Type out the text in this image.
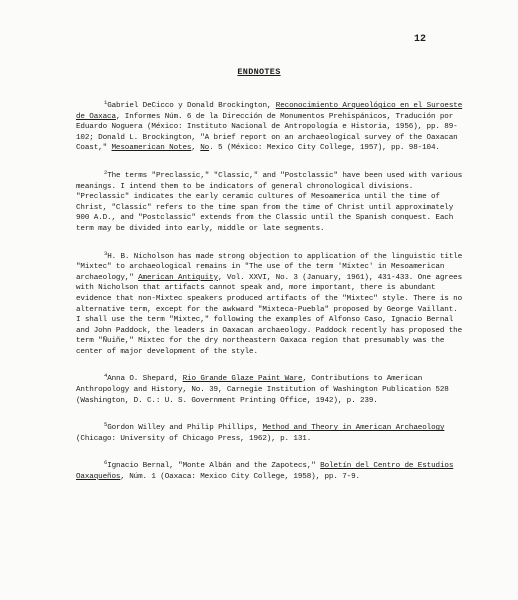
12
ENDNOTES

$^1$Gabriel DeCicco y Donald Brockington, Reconocimiento Arqueológico en el Suroeste de Oaxaca, Informes Núm. 6 de la Dirección de Monumentos Prehispánicos, Tradución por Eduardo Noguera (México: Instituto Nacional de Antropología e Historia, 1956), pp. 89-102; Donald L. Brockington, "A brief report on an archaeological survey of the Oaxacan Coast," Mesoamerican Notes, No. 5 (México: Mexico City College, 1957), pp. 98-104.

$^2$The terms "Preclassic," "Classic," and "Postclassic" have been used with various meanings. I intend them to be indicators of general chronological divisions. "Preclassic" indicates the early ceramic cultures of Mesoamerica until the time of Christ, "Classic" refers to the time span from the time of Christ until approximately 900 A.D., and "Postclassic" extends from the Classic until the Spanish conquest. Each term may be divided into early, middle or late segments.

$^3$H. B. Nicholson has made strong objection to application of the linguistic title "Mixtec" to archaeological remains in "The use of the term 'Mixtec' in Mesoamerican archaeology," American Antiquity, Vol. XXVI, No. 3 (January, 1961), 431-433. One agrees with Nicholson that artifacts cannot speak and, more important, there is abundant evidence that non-Mixtec speakers produced artifacts of the "Mixtec" style. There is no alternative term, except for the awkward "Mixteca-Puebla" proposed by George Vaillant. I shall use the term "Mixtec," following the examples of Alfonso Caso, Ignacio Bernal and John Paddock, the leaders in Oaxacan archaeology. Paddock recently has proposed the term "Ñuiñe," Mixtec for the dry northeastern Oaxaca region that presumably was the center of major development of the style.

$^4$Anna O. Shepard, Rio Grande Glaze Paint Ware, Contributions to American Anthropology and History, No. 39, Carnegie Institution of Washington Publication 528 (Washington, D. C.: U. S. Government Printing Office, 1942), p. 239.

$^5$Gordon Willey and Philip Phillips, Method and Theory in American Archaeology (Chicago: University of Chicago Press, 1962), p. 131.

$^6$Ignacio Bernal, "Monte Albán and the Zapotecs," Boletín del Centro de Estudios Oaxaqueños, Núm. 1 (Oaxaca: Mexico City College, 1958), pp. 7-9.
